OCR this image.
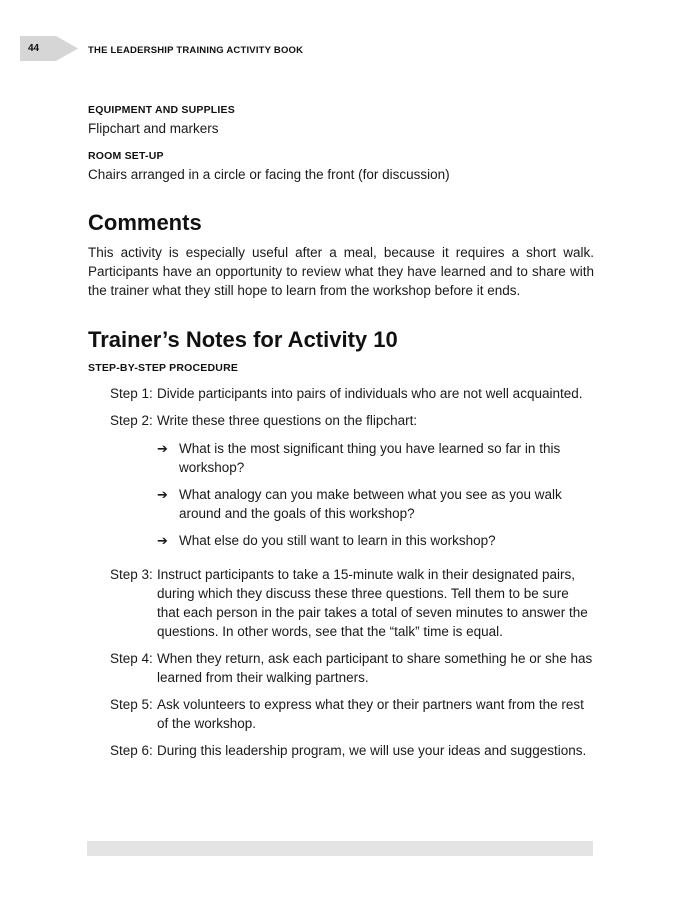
44	THE LEADERSHIP TRAINING ACTIVITY BOOK
EQUIPMENT AND SUPPLIES
Flipchart and markers
ROOM SET-UP
Chairs arranged in a circle or facing the front (for discussion)
Comments
This activity is especially useful after a meal, because it requires a short walk. Participants have an opportunity to review what they have learned and to share with the trainer what they still hope to learn from the workshop before it ends.
Trainer’s Notes for Activity 10
STEP-BY-STEP PROCEDURE
Step 1: Divide participants into pairs of individuals who are not well acquainted.
Step 2: Write these three questions on the flipchart:
➔ What is the most significant thing you have learned so far in this workshop?
➔ What analogy can you make between what you see as you walk around and the goals of this workshop?
➔ What else do you still want to learn in this workshop?
Step 3: Instruct participants to take a 15-minute walk in their designated pairs, during which they discuss these three questions. Tell them to be sure that each person in the pair takes a total of seven minutes to answer the questions. In other words, see that the “talk” time is equal.
Step 4: When they return, ask each participant to share something he or she has learned from their walking partners.
Step 5: Ask volunteers to express what they or their partners want from the rest of the workshop.
Step 6: During this leadership program, we will use your ideas and suggestions.
